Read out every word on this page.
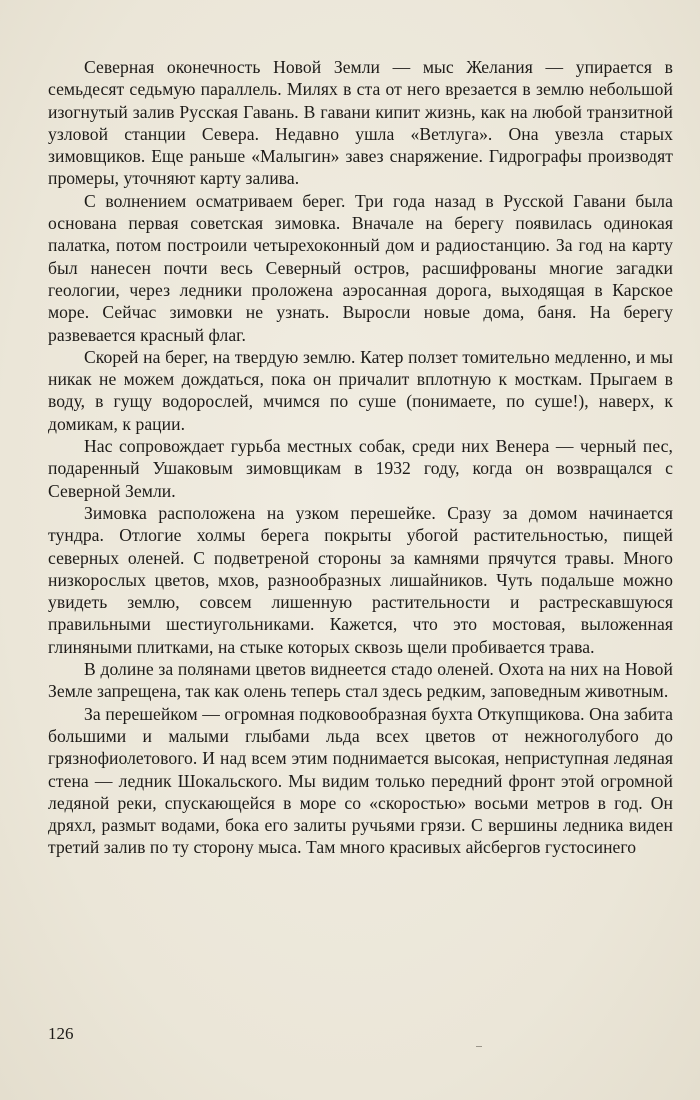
Северная оконечность Новой Земли — мыс Желания — упирается в семьдесят седьмую параллель. Милях в ста от него врезается в землю небольшой изогнутый залив Русская Гавань. В гавани кипит жизнь, как на любой транзитной узловой станции Севера. Недавно ушла «Ветлуга». Она увезла старых зимовщиков. Еще раньше «Малыгин» завез снаряжение. Гидрографы производят промеры, уточняют карту залива.

С волнением осматриваем берег. Три года назад в Русской Гавани была основана первая советская зимовка. Вначале на берегу появилась одинокая палатка, потом построили четырехоконный дом и радиостанцию. За год на карту был нанесен почти весь Северный остров, расшифрованы многие загадки геологии, через ледники проложена аэросанная дорога, выходящая в Карское море. Сейчас зимовки не узнать. Выросли новые дома, баня. На берегу развевается красный флаг.

Скорей на берег, на твердую землю. Катер ползет томительно медленно, и мы никак не можем дождаться, пока он причалит вплотную к мосткам. Прыгаем в воду, в гущу водорослей, мчимся по суше (понимаете, по суше!), наверх, к домикам, к рации.

Нас сопровождает гурьба местных собак, среди них Венера — черный пес, подаренный Ушаковым зимовщикам в 1932 году, когда он возвращался с Северной Земли.

Зимовка расположена на узком перешейке. Сразу за домом начинается тундра. Отлогие холмы берега покрыты убогой растительностью, пищей северных оленей. С подветреной стороны за камнями прячутся травы. Много низкорослых цветов, мхов, разнообразных лишайников. Чуть подальше можно увидеть землю, совсем лишенную растительности и растрескавшуюся правильными шестиугольниками. Кажется, что это мостовая, выложенная глиняными плитками, на стыке которых сквозь щели пробивается трава.

В долине за полянами цветов виднеется стадо оленей. Охота на них на Новой Земле запрещена, так как олень теперь стал здесь редким, заповедным животным.

За перешейком — огромная подковообразная бухта Откупщикова. Она забита большими и малыми глыбами льда всех цветов от нежноголубого до грязнофиолетового. И над всем этим поднимается высокая, неприступная ледяная стена — ледник Шокальского. Мы видим только передний фронт этой огромной ледяной реки, спускающейся в море со «скоростью» восьми метров в год. Он дряхл, размыт водами, бока его залиты ручьями грязи. С вершины ледника виден третий залив по ту сторону мыса. Там много красивых айсбергов густосинего

126
